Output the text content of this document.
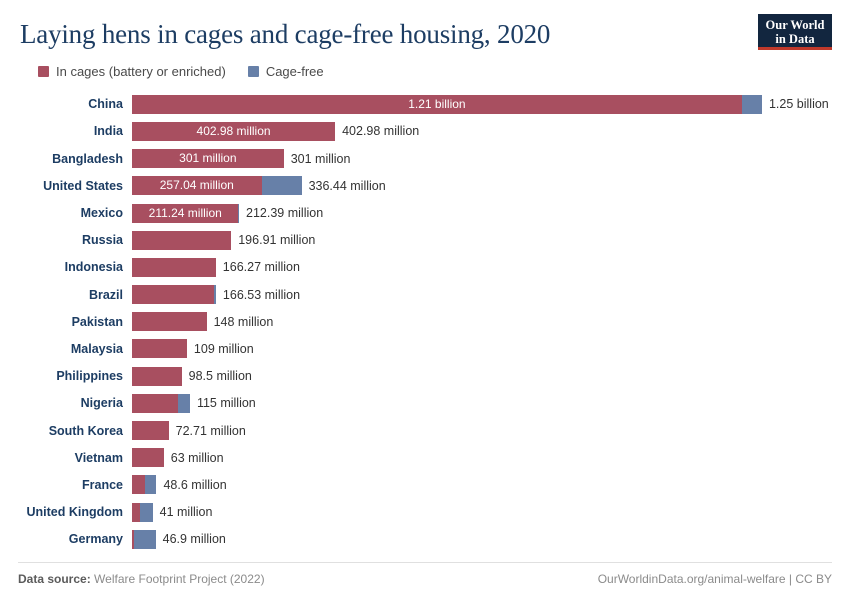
Laying hens in cages and cage-free housing, 2020	Our World
in Data
In cages (battery or enriched)	Cage-free
China	1.21 billion	1.25 billion
India	402.98 million	402.98 million
Bangladesh	301 million	301 million
United States	257.04 million	336.44 million
Mexico	211.24 million	212.39 million
Russia	196.91 million
Indonesia	166.27 million
Brazil	166.53 million
Pakistan	148 million
Malaysia	109 million
Philippines	98.5 million
Nigeria	115 million
South Korea	72.71 million
Vietnam	63 million
France	48.6 million
United Kingdom	41 million
Germany	46.9 million
Data source: Welfare Footprint Project (2022)	OurWorldinData.org/animal-welfare | CC BY
